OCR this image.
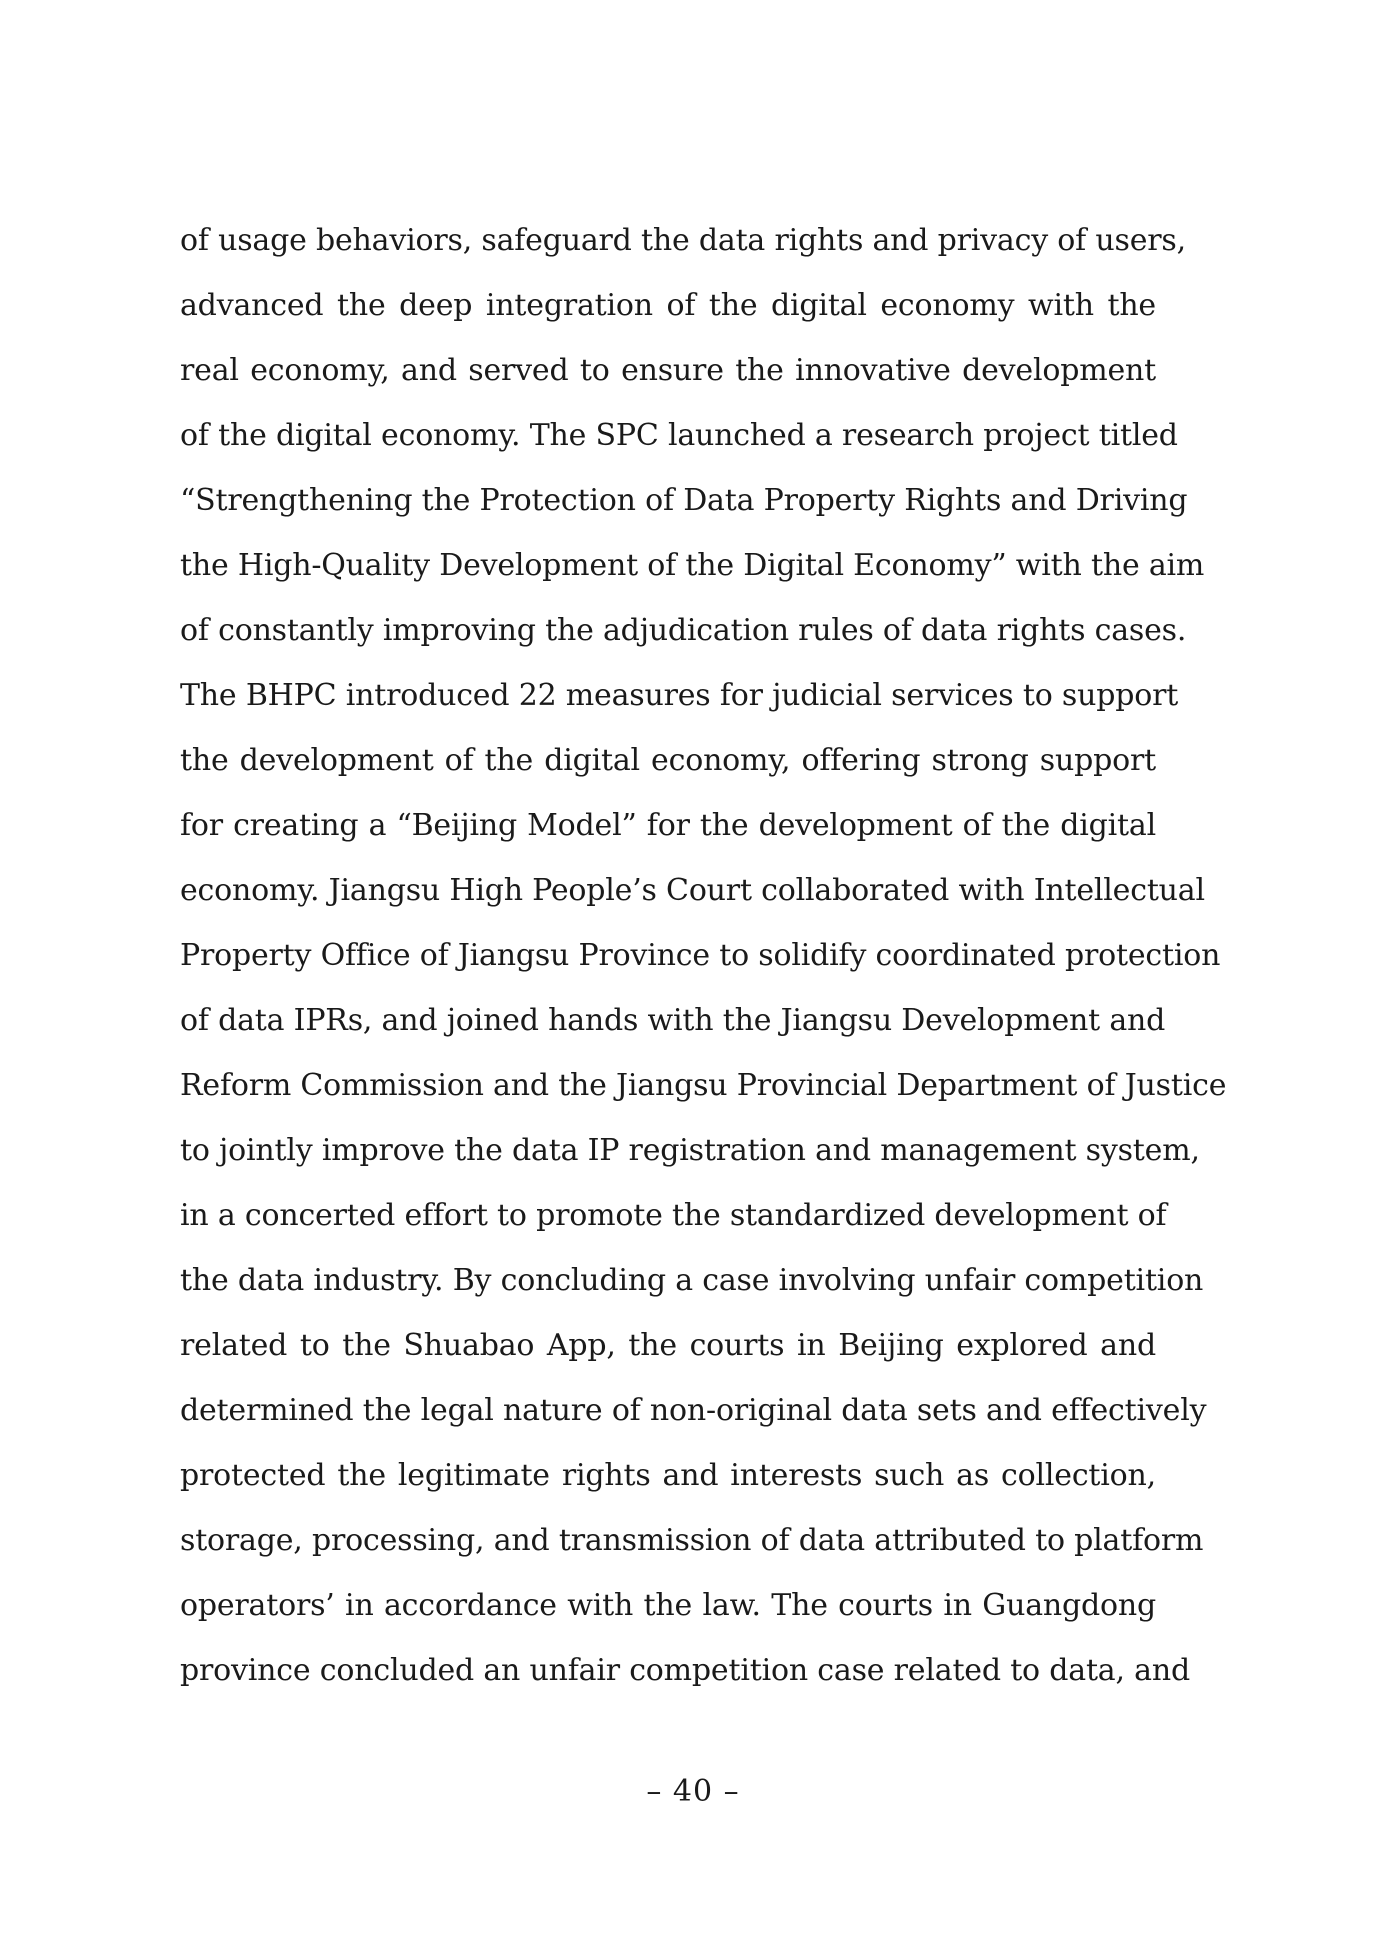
of usage behaviors, safeguard the data rights and privacy of users,
advanced the deep integration of the digital economy with the
real economy, and served to ensure the innovative development
of the digital economy. The SPC launched a research project titled
“Strengthening the Protection of Data Property Rights and Driving
the High-Quality Development of the Digital Economy” with the aim
of constantly improving the adjudication rules of data rights cases.
The BHPC introduced 22 measures for judicial services to support
the development of the digital economy, offering strong support
for creating a “Beijing Model” for the development of the digital
economy. Jiangsu High People’s Court collaborated with Intellectual
Property Office of Jiangsu Province to solidify coordinated protection
of data IPRs, and joined hands with the Jiangsu Development and
Reform Commission and the Jiangsu Provincial Department of Justice
to jointly improve the data IP registration and management system,
in a concerted effort to promote the standardized development of
the data industry. By concluding a case involving unfair competition
related to the Shuabao App, the courts in Beijing explored and
determined the legal nature of non-original data sets and effectively
protected the legitimate rights and interests such as collection,
storage, processing, and transmission of data attributed to platform
operators’ in accordance with the law. The courts in Guangdong
province concluded an unfair competition case related to data, and
– 40 –
